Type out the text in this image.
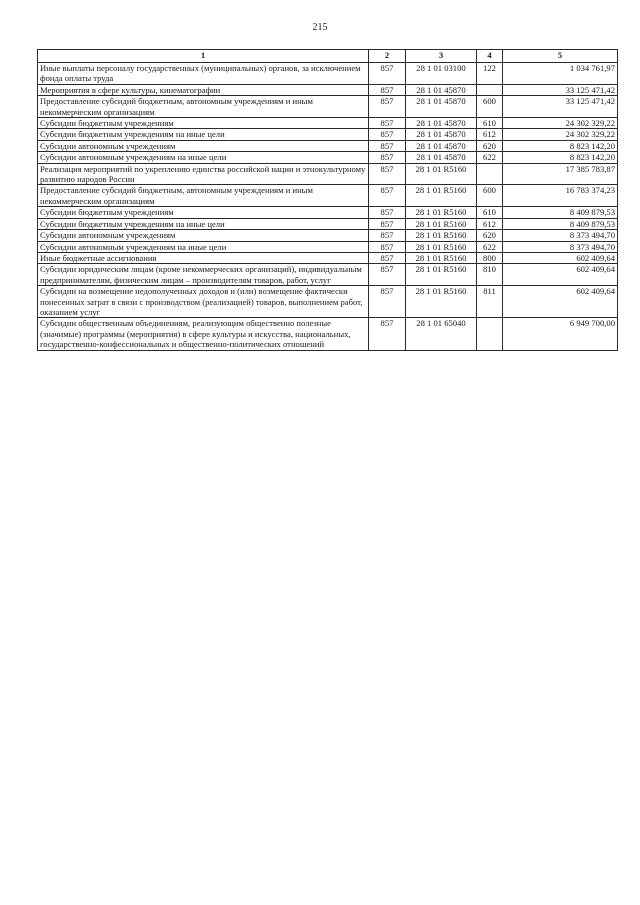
215
1	2	3	4	5
Иные выплаты персоналу государственных (муниципальных) органов, за исключением фонда оплаты труда	857	28 1 01 03100	122	1 034 761,97
Мероприятия в сфере культуры, кинематографии	857	28 1 01 45870		33 125 471,42
Предоставление субсидий бюджетным, автономным учреждениям и иным некоммерческим организациям	857	28 1 01 45870	600	33 125 471,42
Субсидии бюджетным учреждениям	857	28 1 01 45870	610	24 302 329,22
Субсидии бюджетным учреждениям на иные цели	857	28 1 01 45870	612	24 302 329,22
Субсидии автономным учреждениям	857	28 1 01 45870	620	8 823 142,20
Субсидии автономным учреждениям на иные цели	857	28 1 01 45870	622	8 823 142,20
Реализация мероприятий по укреплению единства российской нации и этнокультурному развитию народов России	857	28 1 01 R5160		17 385 783,87
Предоставление субсидий бюджетным, автономным учреждениям и иным некоммерческим организациям	857	28 1 01 R5160	600	16 783 374,23
Субсидии бюджетным учреждениям	857	28 1 01 R5160	610	8 409 879,53
Субсидии бюджетным учреждениям на иные цели	857	28 1 01 R5160	612	8 409 879,53
Субсидии автономным учреждениям	857	28 1 01 R5160	620	8 373 494,70
Субсидии автономным учреждениям на иные цели	857	28 1 01 R5160	622	8 373 494,70
Иные бюджетные ассигнования	857	28 1 01 R5160	800	602 409,64
Субсидии юридическим лицам (кроме некоммерческих организаций), индивидуальным предпринимателям, физическим лицам – производителям товаров, работ, услуг	857	28 1 01 R5160	810	602 409,64
Субсидии на возмещение недополученных доходов и (или) возмещение фактически понесенных затрат в связи с производством (реализацией) товаров, выполнением работ, оказанием услуг	857	28 1 01 R5160	811	602 409,64
Субсидии общественным объединениям, реализующим общественно полезные (значимые) программы (мероприятия) в сфере культуры и искусства, национальных, государственно-конфессиональных и общественно-политических отношений	857	28 1 01 65040		6 949 700,00
